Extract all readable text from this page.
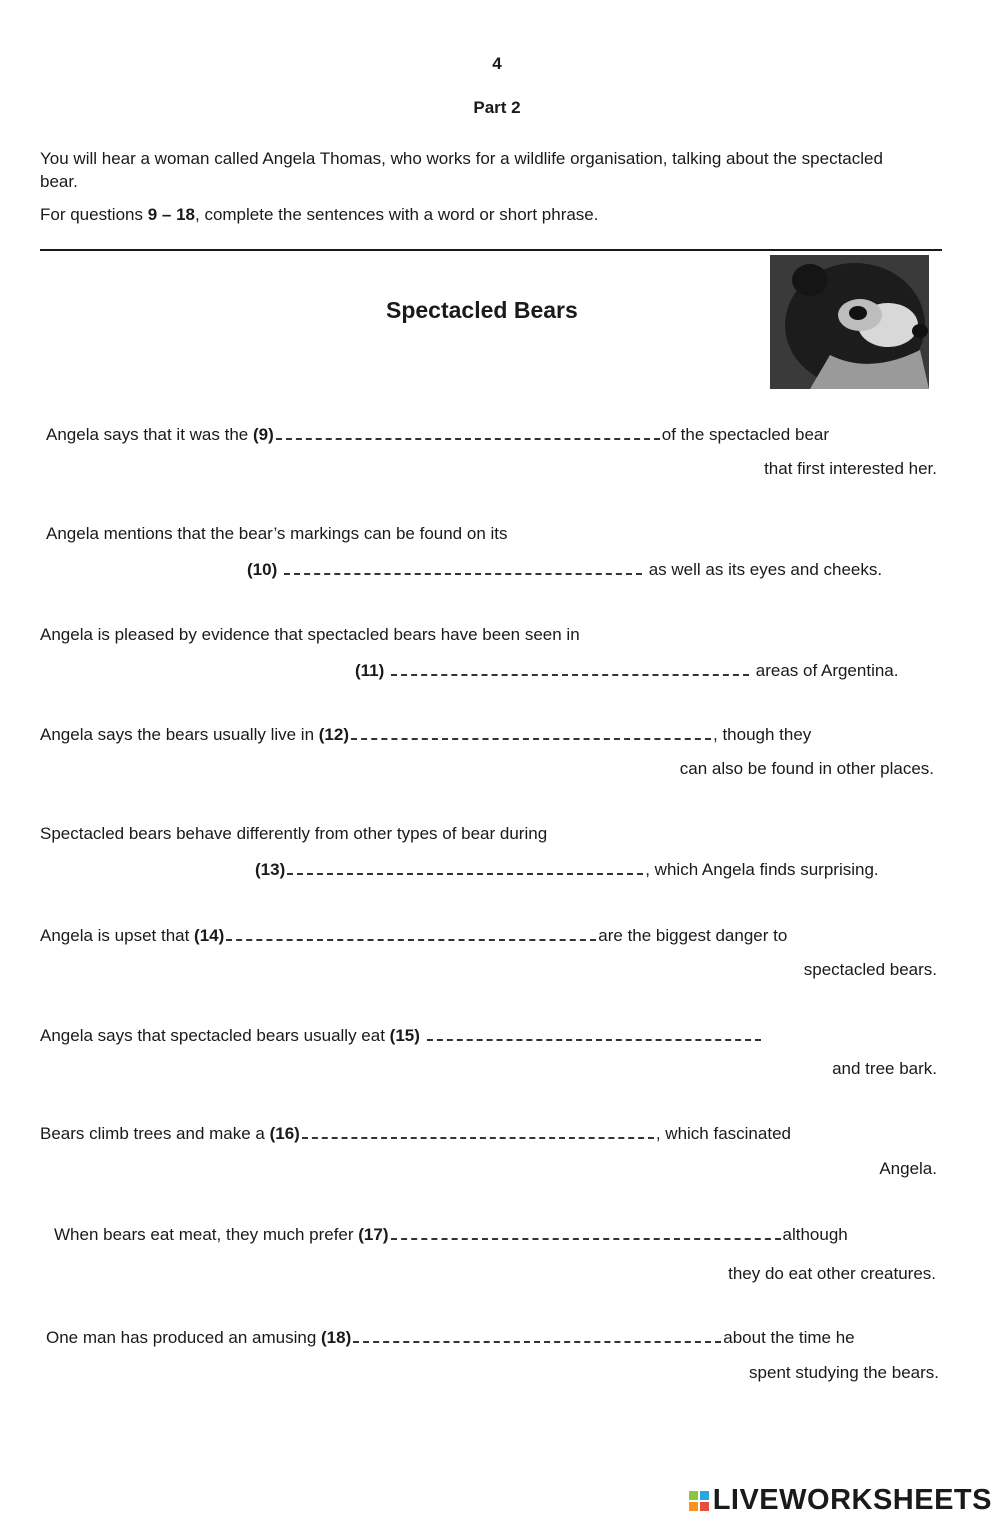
4
Part 2
You will hear a woman called Angela Thomas, who works for a wildlife organisation, talking about the spectacled bear.
For questions 9 – 18, complete the sentences with a word or short phrase.
Spectacled Bears
Angela says that it was the (9)	of the spectacled bear
that first interested her.
Angela mentions that the bear’s markings can be found on its
(10)	as well as its eyes and cheeks.
Angela is pleased by evidence that spectacled bears have been seen in
(11)	areas of Argentina.
Angela says the bears usually live in (12)	, though they
can also be found in other places.
Spectacled bears behave differently from other types of bear during
(13)	, which Angela finds surprising.
Angela is upset that (14)	are the biggest danger to
spectacled bears.
Angela says that spectacled bears usually eat (15)
and tree bark.
Bears climb trees and make a (16)	, which fascinated
Angela.
When bears eat meat, they much prefer (17)	although
they do eat other creatures.
One man has produced an amusing (18)	about the time he
spent studying the bears.
LIVEWORKSHEETS
